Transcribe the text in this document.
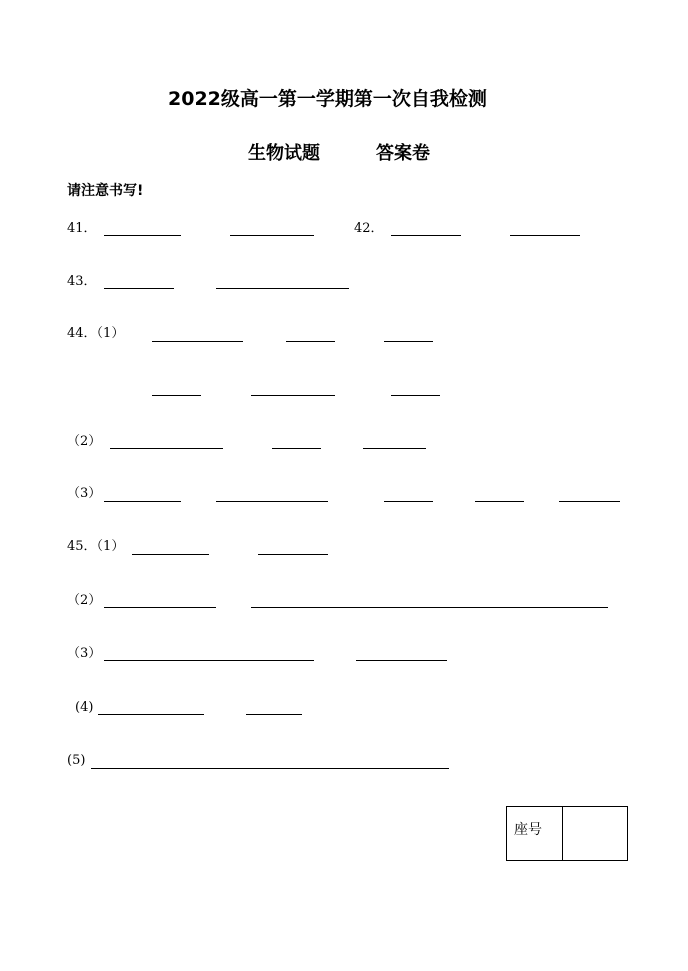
2022级高一第一学期第一次自我检测
生物试题	答案卷
请注意书写!
41．	42．
43．
44．（1）
（2）
（3）
45．（1）
（2）
（3）
(4)
(5)
座号
